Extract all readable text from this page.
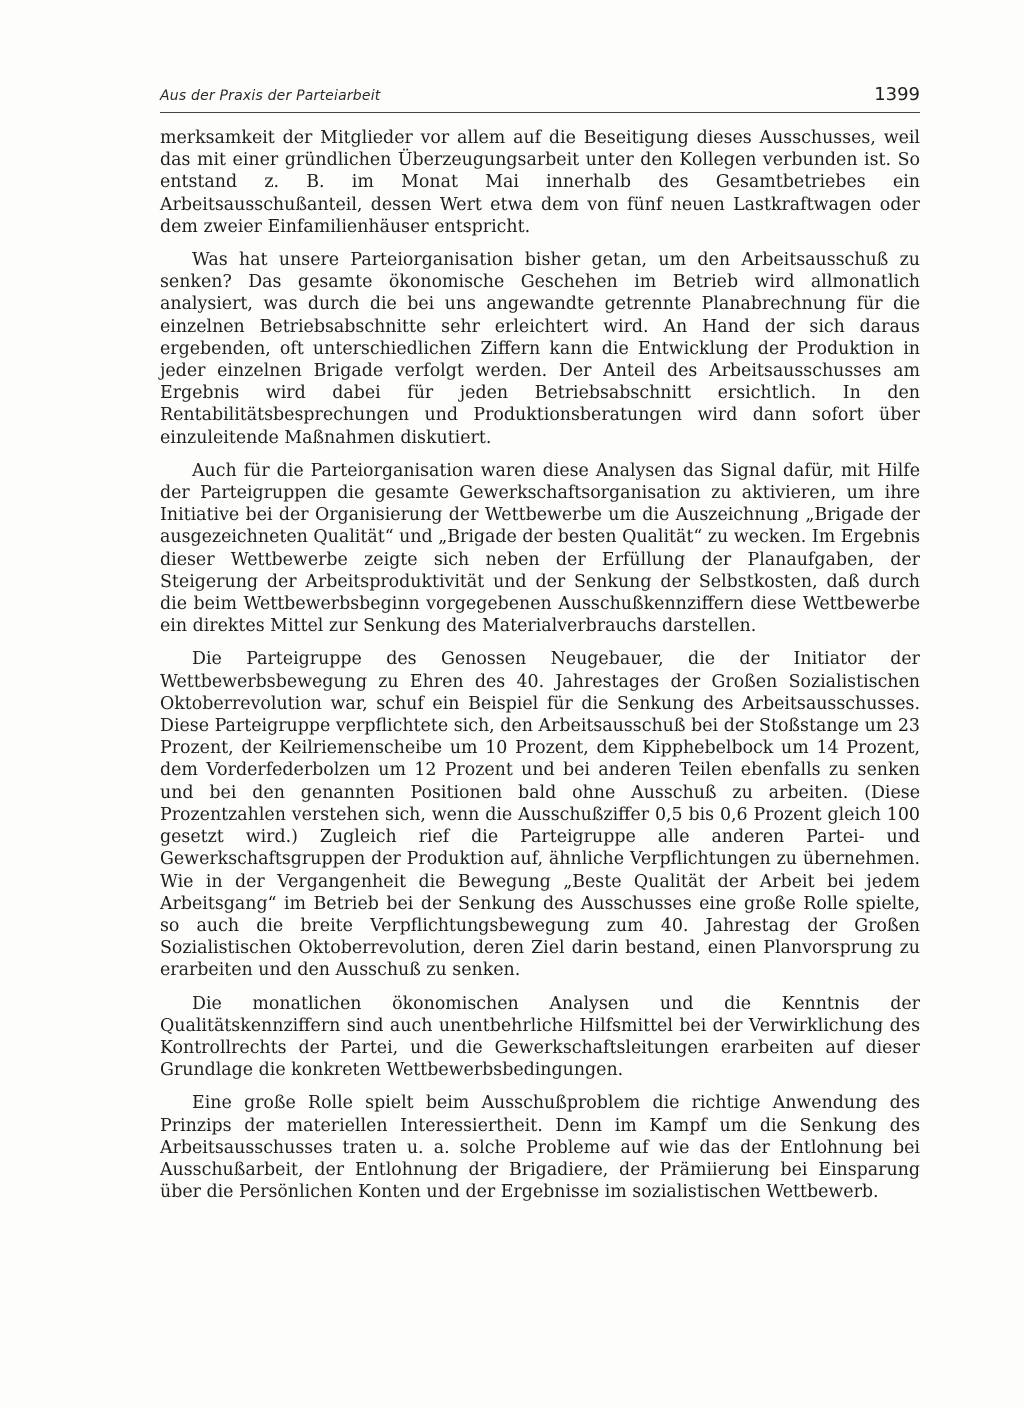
Aus der Praxis der Parteiarbeit	1399

merksamkeit der Mitglieder vor allem auf die Beseitigung dieses Ausschusses, weil das mit einer gründlichen Überzeugungsarbeit unter den Kollegen verbunden ist. So entstand z. B. im Monat Mai innerhalb des Gesamtbetriebes ein Arbeitsausschußanteil, dessen Wert etwa dem von fünf neuen Lastkraftwagen oder dem zweier Einfamilienhäuser entspricht.

Was hat unsere Parteiorganisation bisher getan, um den Arbeitsausschuß zu senken? Das gesamte ökonomische Geschehen im Betrieb wird allmonatlich analysiert, was durch die bei uns angewandte getrennte Planabrechnung für die einzelnen Betriebsabschnitte sehr erleichtert wird. An Hand der sich daraus ergebenden, oft unterschiedlichen Ziffern kann die Entwicklung der Produktion in jeder einzelnen Brigade verfolgt werden. Der Anteil des Arbeitsausschusses am Ergebnis wird dabei für jeden Betriebsabschnitt ersichtlich. In den Rentabilitätsbesprechungen und Produktionsberatungen wird dann sofort über einzuleitende Maßnahmen diskutiert.

Auch für die Parteiorganisation waren diese Analysen das Signal dafür, mit Hilfe der Parteigruppen die gesamte Gewerkschaftsorganisation zu aktivieren, um ihre Initiative bei der Organisierung der Wettbewerbe um die Auszeichnung „Brigade der ausgezeichneten Qualität“ und „Brigade der besten Qualität“ zu wecken. Im Ergebnis dieser Wettbewerbe zeigte sich neben der Erfüllung der Planaufgaben, der Steigerung der Arbeitsproduktivität und der Senkung der Selbstkosten, daß durch die beim Wettbewerbsbeginn vorgegebenen Ausschußkennziffern diese Wettbewerbe ein direktes Mittel zur Senkung des Materialverbrauchs darstellen.

Die Parteigruppe des Genossen Neugebauer, die der Initiator der Wettbewerbsbewegung zu Ehren des 40. Jahrestages der Großen Sozialistischen Oktoberrevolution war, schuf ein Beispiel für die Senkung des Arbeitsausschusses. Diese Parteigruppe verpflichtete sich, den Arbeitsausschuß bei der Stoßstange um 23 Prozent, der Keilriemenscheibe um 10 Prozent, dem Kipphebelbock um 14 Prozent, dem Vorderfederbolzen um 12 Prozent und bei anderen Teilen ebenfalls zu senken und bei den genannten Positionen bald ohne Ausschuß zu arbeiten. (Diese Prozentzahlen verstehen sich, wenn die Ausschußziffer 0,5 bis 0,6 Prozent gleich 100 gesetzt wird.) Zugleich rief die Parteigruppe alle anderen Partei- und Gewerkschaftsgruppen der Produktion auf, ähnliche Verpflichtungen zu übernehmen. Wie in der Vergangenheit die Bewegung „Beste Qualität der Arbeit bei jedem Arbeitsgang“ im Betrieb bei der Senkung des Ausschusses eine große Rolle spielte, so auch die breite Verpflichtungsbewegung zum 40. Jahrestag der Großen Sozialistischen Oktoberrevolution, deren Ziel darin bestand, einen Planvorsprung zu erarbeiten und den Ausschuß zu senken.

Die monatlichen ökonomischen Analysen und die Kenntnis der Qualitätskennziffern sind auch unentbehrliche Hilfsmittel bei der Verwirklichung des Kontrollrechts der Partei, und die Gewerkschaftsleitungen erarbeiten auf dieser Grundlage die konkreten Wettbewerbsbedingungen.

Eine große Rolle spielt beim Ausschußproblem die richtige Anwendung des Prinzips der materiellen Interessiertheit. Denn im Kampf um die Senkung des Arbeitsausschusses traten u. a. solche Probleme auf wie das der Entlohnung bei Ausschußarbeit, der Entlohnung der Brigadiere, der Prämiierung bei Einsparung über die Persönlichen Konten und der Ergebnisse im sozialistischen Wettbewerb.
